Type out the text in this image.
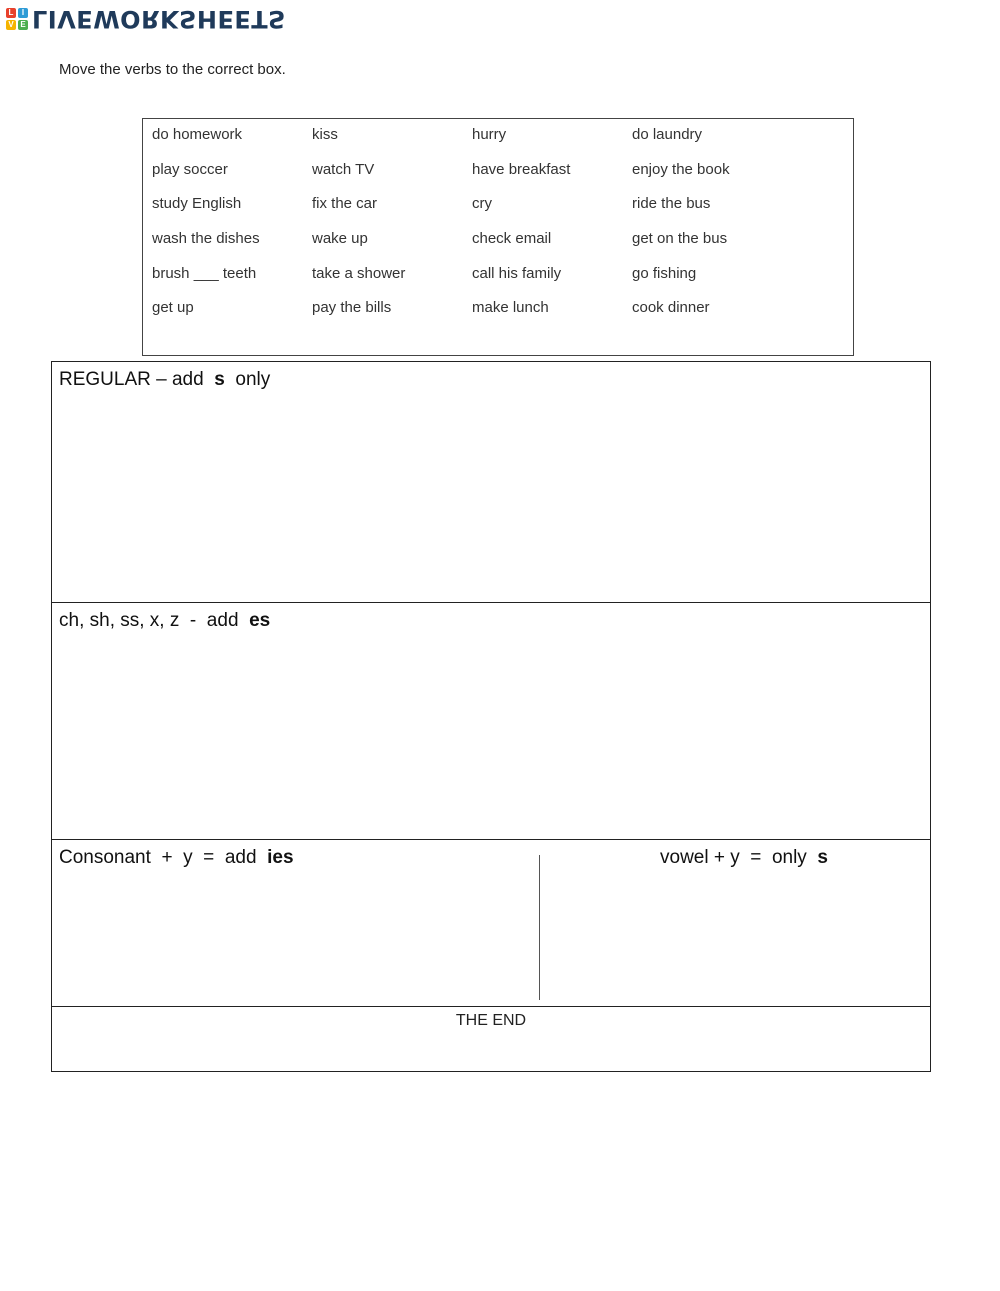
L	I
V E LIVEWORKSHEETS
Move the verbs to the correct box.
do homework	kiss	hurry	do laundry
play soccer	watch TV	have breakfast	enjoy the book
study English	fix the car	cry	ride the bus
wash the dishes	wake up	check email	get on the bus
brush ___ teeth	take a shower	call his family	go fishing
get up	pay the bills	make lunch	cook dinner
REGULAR – add  s  only
ch, sh, ss, x, z  -  add  es
Consonant  +  y  =  add  ies	vowel + y  =  only  s
THE END
